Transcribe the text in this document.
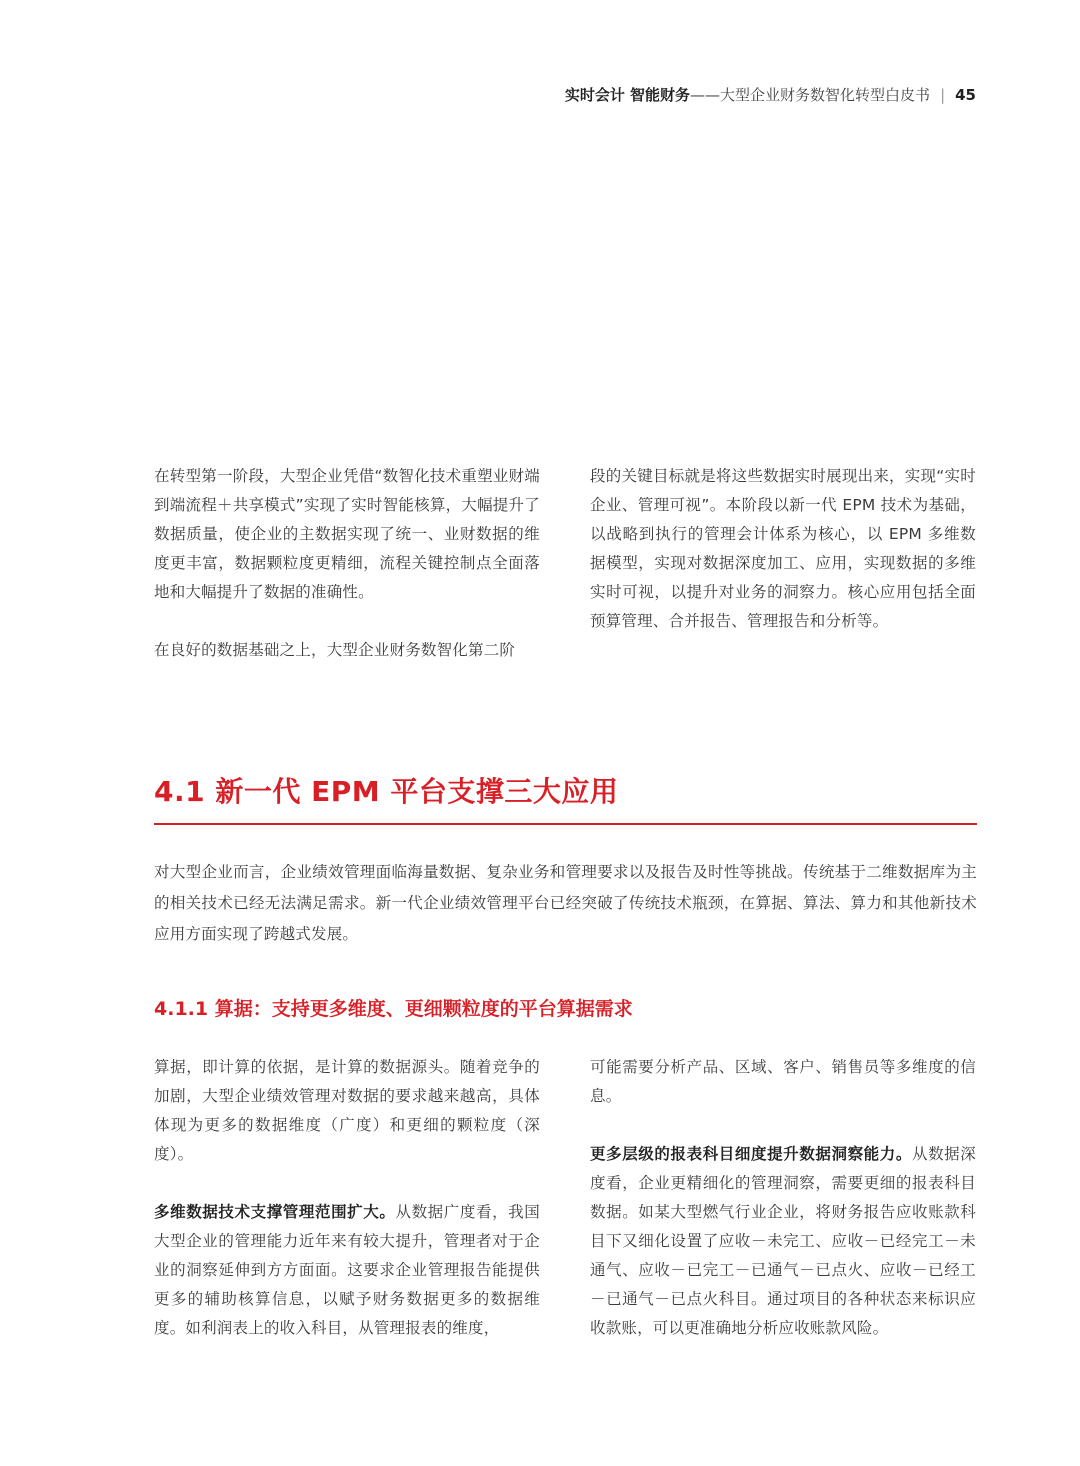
实时会计 智能财务——大型企业财务数智化转型白皮书 | 45

在转型第一阶段，大型企业凭借“数智化技术重塑业财端到端流程＋共享模式”实现了实时智能核算，大幅提升了数据质量，使企业的主数据实现了统一、业财数据的维度更丰富，数据颗粒度更精细，流程关键控制点全面落地和大幅提升了数据的准确性。

在良好的数据基础之上，大型企业财务数智化第二阶

段的关键目标就是将这些数据实时展现出来，实现“实时企业、管理可视”。本阶段以新一代 EPM 技术为基础，以战略到执行的管理会计体系为核心，以 EPM 多维数据模型，实现对数据深度加工、应用，实现数据的多维实时可视，以提升对业务的洞察力。核心应用包括全面预算管理、合并报告、管理报告和分析等。

4.1 新一代 EPM 平台支撑三大应用

对大型企业而言，企业绩效管理面临海量数据、复杂业务和管理要求以及报告及时性等挑战。传统基于二维数据库为主的相关技术已经无法满足需求。新一代企业绩效管理平台已经突破了传统技术瓶颈，在算据、算法、算力和其他新技术应用方面实现了跨越式发展。

4.1.1 算据：支持更多维度、更细颗粒度的平台算据需求

算据，即计算的依据，是计算的数据源头。随着竞争的加剧，大型企业绩效管理对数据的要求越来越高，具体体现为更多的数据维度（广度）和更细的颗粒度（深度）。

多维数据技术支撑管理范围扩大。从数据广度看，我国大型企业的管理能力近年来有较大提升，管理者对于企业的洞察延伸到方方面面。这要求企业管理报告能提供更多的辅助核算信息，以赋予财务数据更多的数据维度。如利润表上的收入科目，从管理报表的维度，

可能需要分析产品、区域、客户、销售员等多维度的信息。

更多层级的报表科目细度提升数据洞察能力。从数据深度看，企业更精细化的管理洞察，需要更细的报表科目数据。如某大型燃气行业企业，将财务报告应收账款科目下又细化设置了应收－未完工、应收－已经完工－未通气、应收－已完工－已通气－已点火、应收－已经工－已通气－已点火科目。通过项目的各种状态来标识应收款账，可以更准确地分析应收账款风险。
